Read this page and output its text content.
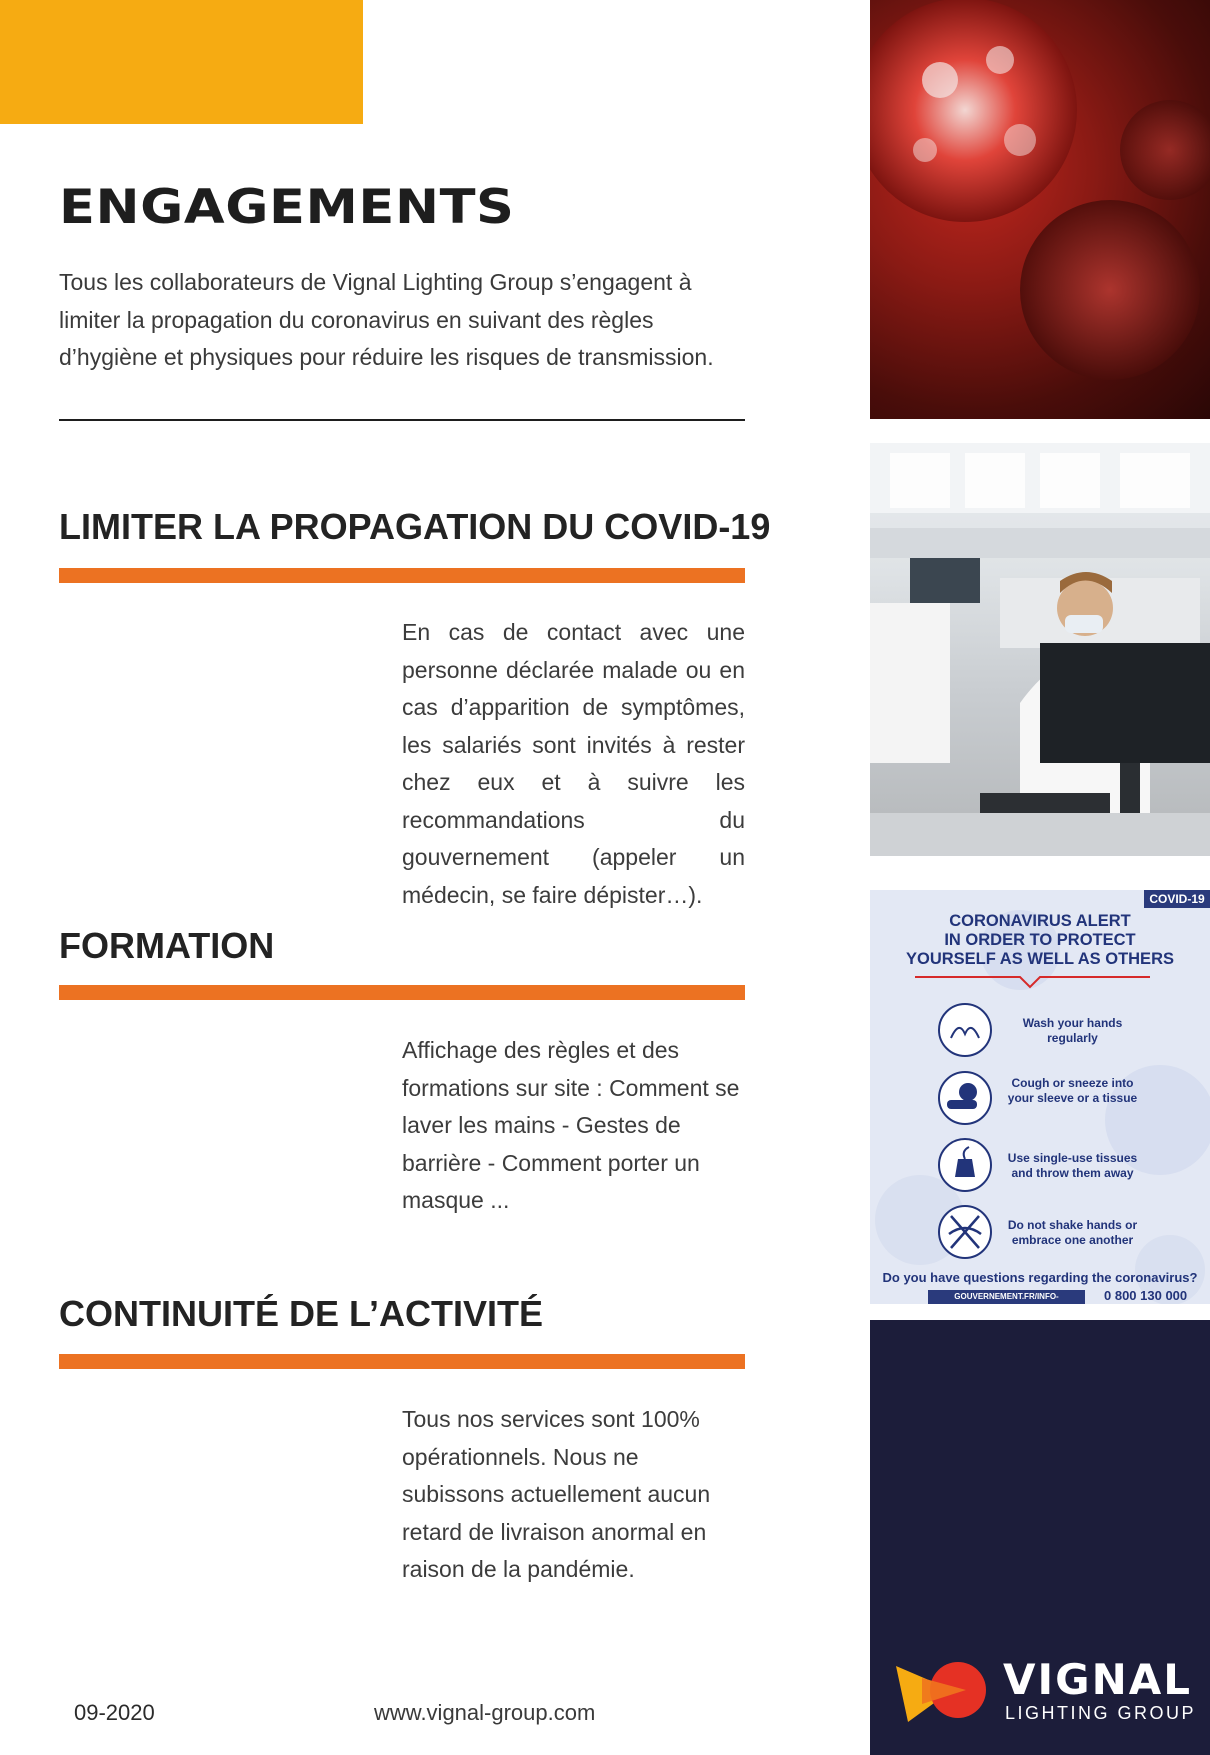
ENGAGEMENTS

Tous les collaborateurs de Vignal Lighting Group s’engagent à limiter la propagation du coronavirus en suivant des règles d’hygiène et physiques pour réduire les risques de transmission.

LIMITER LA PROPAGATION DU COVID-19

En cas de contact avec une personne déclarée malade ou en cas d’apparition de symptômes, les salariés sont invités à rester chez eux et à suivre les recommandations du gouvernement (appeler un médecin, se faire dépister…).

FORMATION

Affichage des règles et des formations sur site : Comment se laver les mains - Gestes de barrière - Comment porter un masque ...

CONTINUITÉ DE L’ACTIVITÉ

Tous nos services sont 100% opérationnels. Nous ne subissons actuellement aucun retard de livraison anormal en raison de la pandémie.

09-2020	www.vignal-group.com
COVID-19
CORONAVIRUS ALERT
IN ORDER TO PROTECT
YOURSELF AS WELL AS OTHERS
Wash your hands regularly
Cough or sneeze into your sleeve or a tissue
Use single-use tissues and throw them away
Do not shake hands or embrace one another
Do you have questions regarding the coronavirus?
GOUVERNEMENT.FR/INFO-CORONAVIRUS
0 800 130 000
VIGNAL
LIGHTING GROUP
